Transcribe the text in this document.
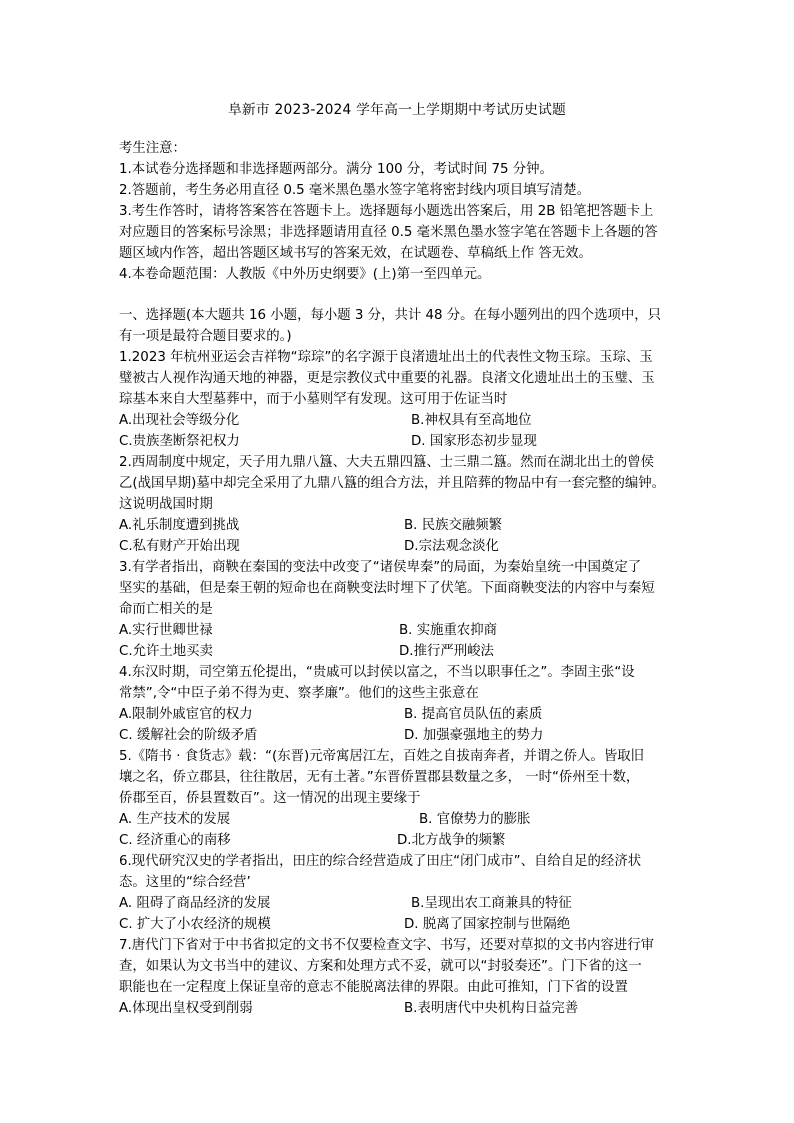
阜新市 2023-2024 学年高一上学期期中考试历史试题
考生注意：
1.本试卷分选择题和非选择题两部分。满分 100 分，考试时间 75 分钟。
2.答题前，考生务必用直径 0.5 毫米黑色墨水签字笔将密封线内项目填写清楚。
3.考生作答时，请将答案答在答题卡上。选择题每小题选出答案后，用 2B 铅笔把答题卡上
对应题目的答案标号涂黑；非选择题请用直径 0.5 毫米黑色墨水签字笔在答题卡上各题的答
题区域内作答，超出答题区域书写的答案无效，在试题卷、草稿纸上作 答无效。
4.本卷命题范围：人教版《中外历史纲要》(上)第一至四单元。
一、选择题(本大题共 16 小题，每小题 3 分，共计 48 分。在每小题列出的四个选项中，只
有一项是最符合题目要求的。)
1.2023 年杭州亚运会吉祥物“琮琮”的名字源于良渚遗址出土的代表性文物玉琮。玉琮、玉
璧被古人视作沟通天地的神器，更是宗教仪式中重要的礼器。良渚文化遗址出土的玉璧、玉
琮基本来自大型墓葬中，而于小墓则罕有发现。这可用于佐证当时
A.出现社会等级分化	B.神权具有至高地位
C.贵族垄断祭祀权力	D. 国家形态初步显现
2.西周制度中规定，天子用九鼎八簋、大夫五鼎四簋、士三鼎二簋。然而在湖北出土的曾侯
乙(战国早期)墓中却完全采用了九鼎八簋的组合方法，并且陪葬的物品中有一套完整的编钟。
这说明战国时期
A.礼乐制度遭到挑战	B. 民族交融频繁
C.私有财产开始出现	D.宗法观念淡化
3.有学者指出，商鞅在秦国的变法中改变了“诸侯卑秦”的局面，为秦始皇统一中国奠定了
坚实的基础，但是秦王朝的短命也在商鞅变法时埋下了伏笔。下面商鞅变法的内容中与秦短
命而亡相关的是
A.实行世卿世禄	B. 实施重农抑商
C.允许土地买卖	D.推行严刑峻法
4.东汉时期，司空第五伦提出，“贵戚可以封侯以富之，不当以职事任之”。李固主张“设
常禁”,令“中臣子弟不得为吏、察孝廉”。他们的这些主张意在
A.限制外戚宦官的权力	B. 提高官员队伍的素质
C. 缓解社会的阶级矛盾	D. 加强豪强地主的势力
5.《隋书 · 食货志》载：“(东晋)元帝寓居江左，百姓之自拔南奔者，并谓之侨人。皆取旧
壤之名，侨立郡县，往往散居，无有土著。”东晋侨置郡县数量之多， 一时“侨州至十数，
侨郡至百，侨县置数百”。这一情况的出现主要缘于
A. 生产技术的发展	B. 官僚势力的膨胀
C. 经济重心的南移	D.北方战争的频繁
6.现代研究汉史的学者指出，田庄的综合经营造成了田庄“闭门成市”、自给自足的经济状
态。这里的“综合经营’
A. 阻碍了商品经济的发展	B.呈现出农工商兼具的特征
C. 扩大了小农经济的规模	D. 脱离了国家控制与世隔绝
7.唐代门下省对于中书省拟定的文书不仅要检查文字、书写，还要对草拟的文书内容进行审
查，如果认为文书当中的建议、方案和处理方式不妥，就可以“封驳奏还”。门下省的这一
职能也在一定程度上保证皇帝的意志不能脱离法律的界限。由此可推知，门下省的设置
A.体现出皇权受到削弱	B.表明唐代中央机构日益完善
